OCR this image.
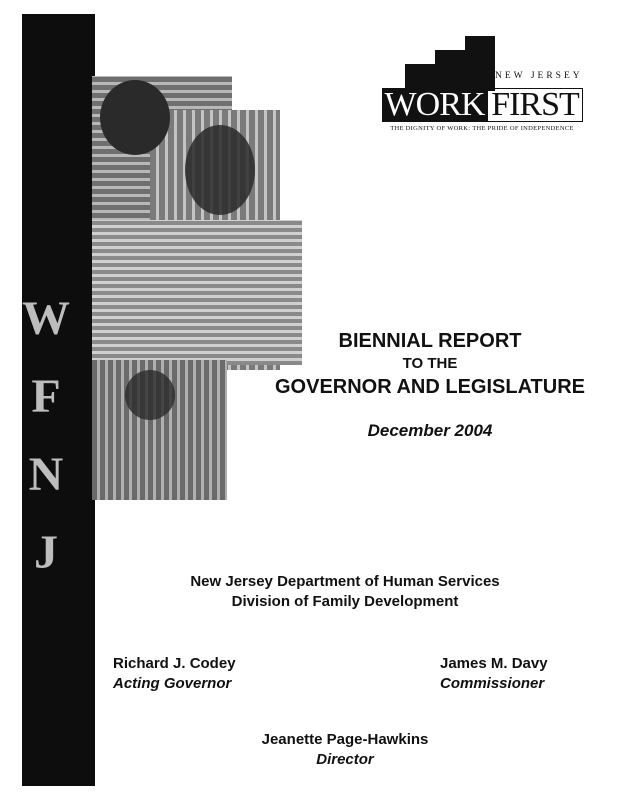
W
F
N
J
NEW JERSEY
WORK FIRST
THE DIGNITY OF WORK: THE PRIDE OF INDEPENDENCE
BIENNIAL REPORT
TO THE
GOVERNOR AND LEGISLATURE
December 2004
New Jersey Department of Human Services
Division of Family Development
Richard J. Codey
Acting Governor
James M. Davy
Commissioner
Jeanette Page-Hawkins
Director
